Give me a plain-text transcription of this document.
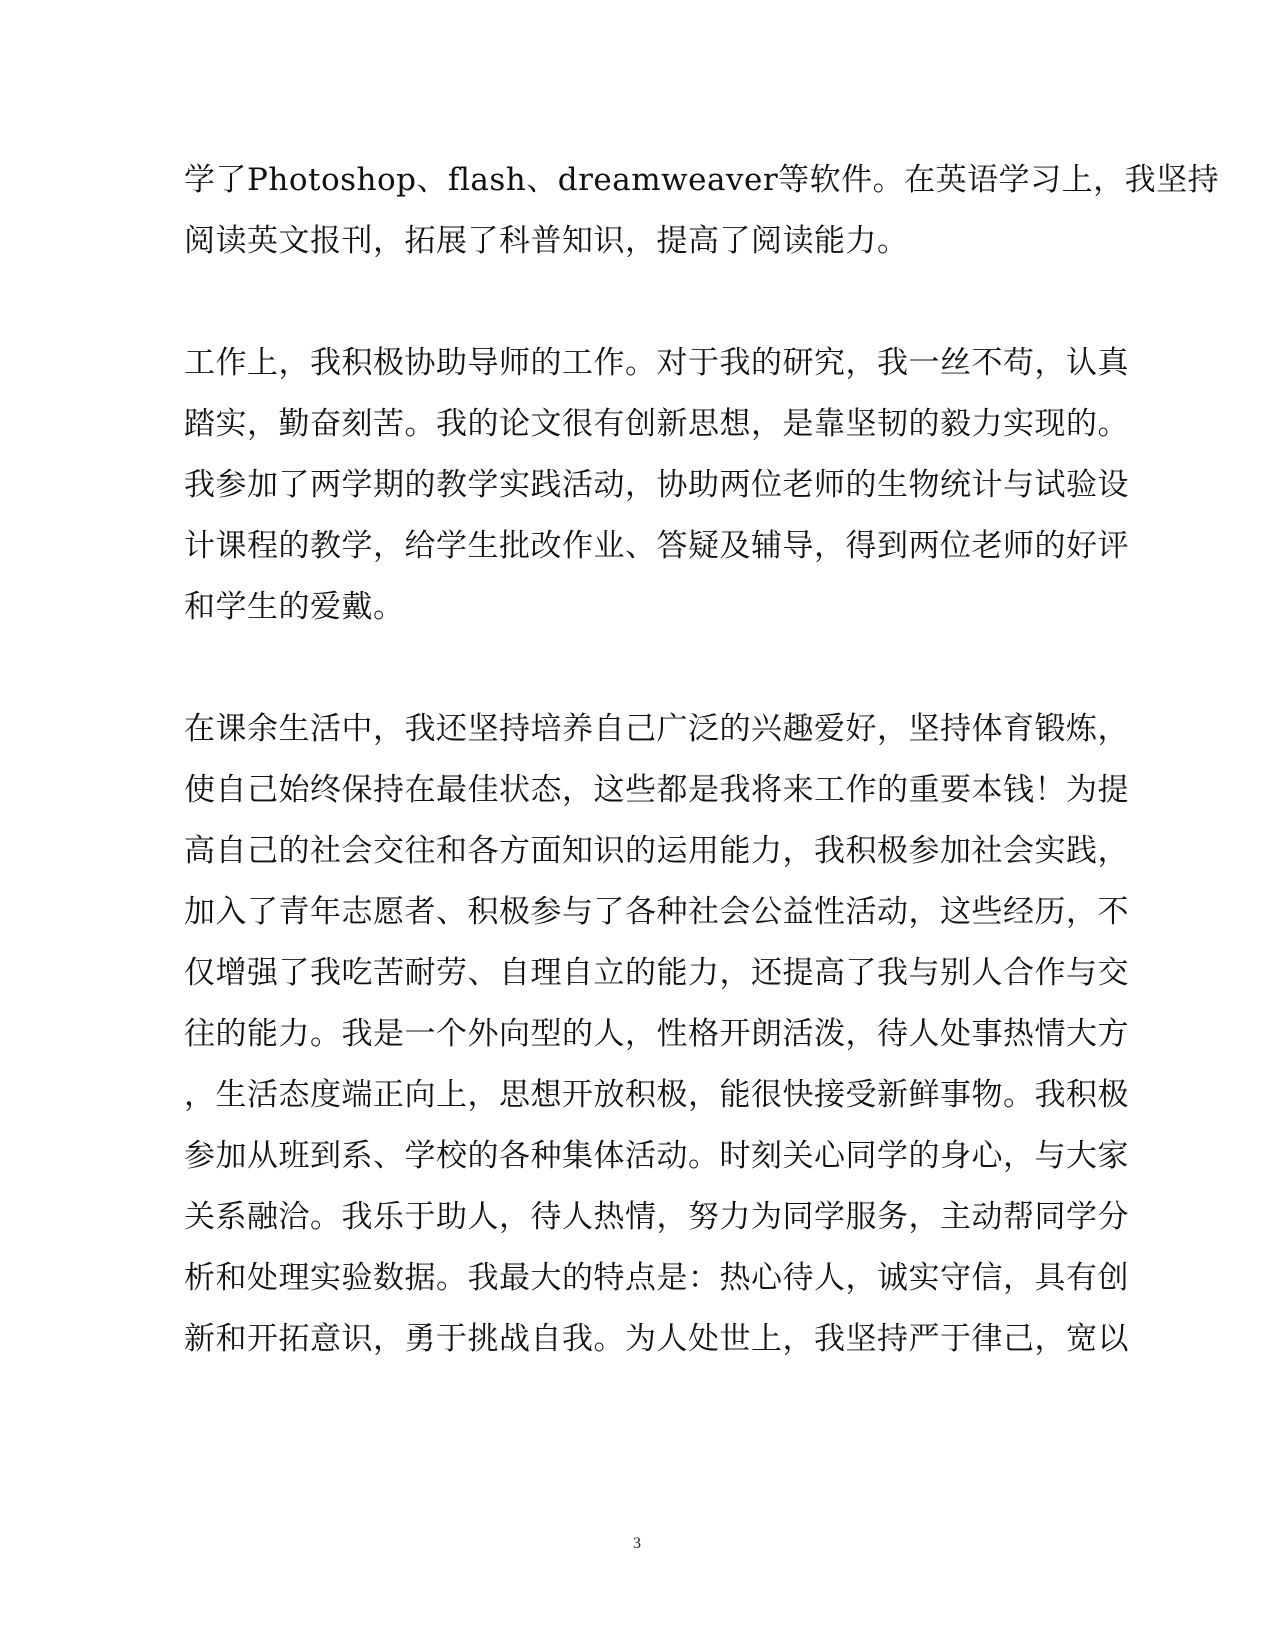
学了Photoshop、flash、dreamweaver等软件。在英语学习上，我坚持
阅读英文报刊，拓展了科普知识，提高了阅读能力。
工作上，我积极协助导师的工作。对于我的研究，我一丝不苟，认真
踏实，勤奋刻苦。我的论文很有创新思想，是靠坚韧的毅力实现的。
我参加了两学期的教学实践活动，协助两位老师的生物统计与试验设
计课程的教学，给学生批改作业、答疑及辅导，得到两位老师的好评
和学生的爱戴。
在课余生活中，我还坚持培养自己广泛的兴趣爱好，坚持体育锻炼，
使自己始终保持在最佳状态，这些都是我将来工作的重要本钱！为提
高自己的社会交往和各方面知识的运用能力，我积极参加社会实践，
加入了青年志愿者、积极参与了各种社会公益性活动，这些经历，不
仅增强了我吃苦耐劳、自理自立的能力，还提高了我与别人合作与交
往的能力。我是一个外向型的人，性格开朗活泼，待人处事热情大方
，生活态度端正向上，思想开放积极，能很快接受新鲜事物。我积极
参加从班到系、学校的各种集体活动。时刻关心同学的身心，与大家
关系融洽。我乐于助人，待人热情，努力为同学服务，主动帮同学分
析和处理实验数据。我最大的特点是：热心待人，诚实守信，具有创
新和开拓意识，勇于挑战自我。为人处世上，我坚持严于律己，宽以
3
